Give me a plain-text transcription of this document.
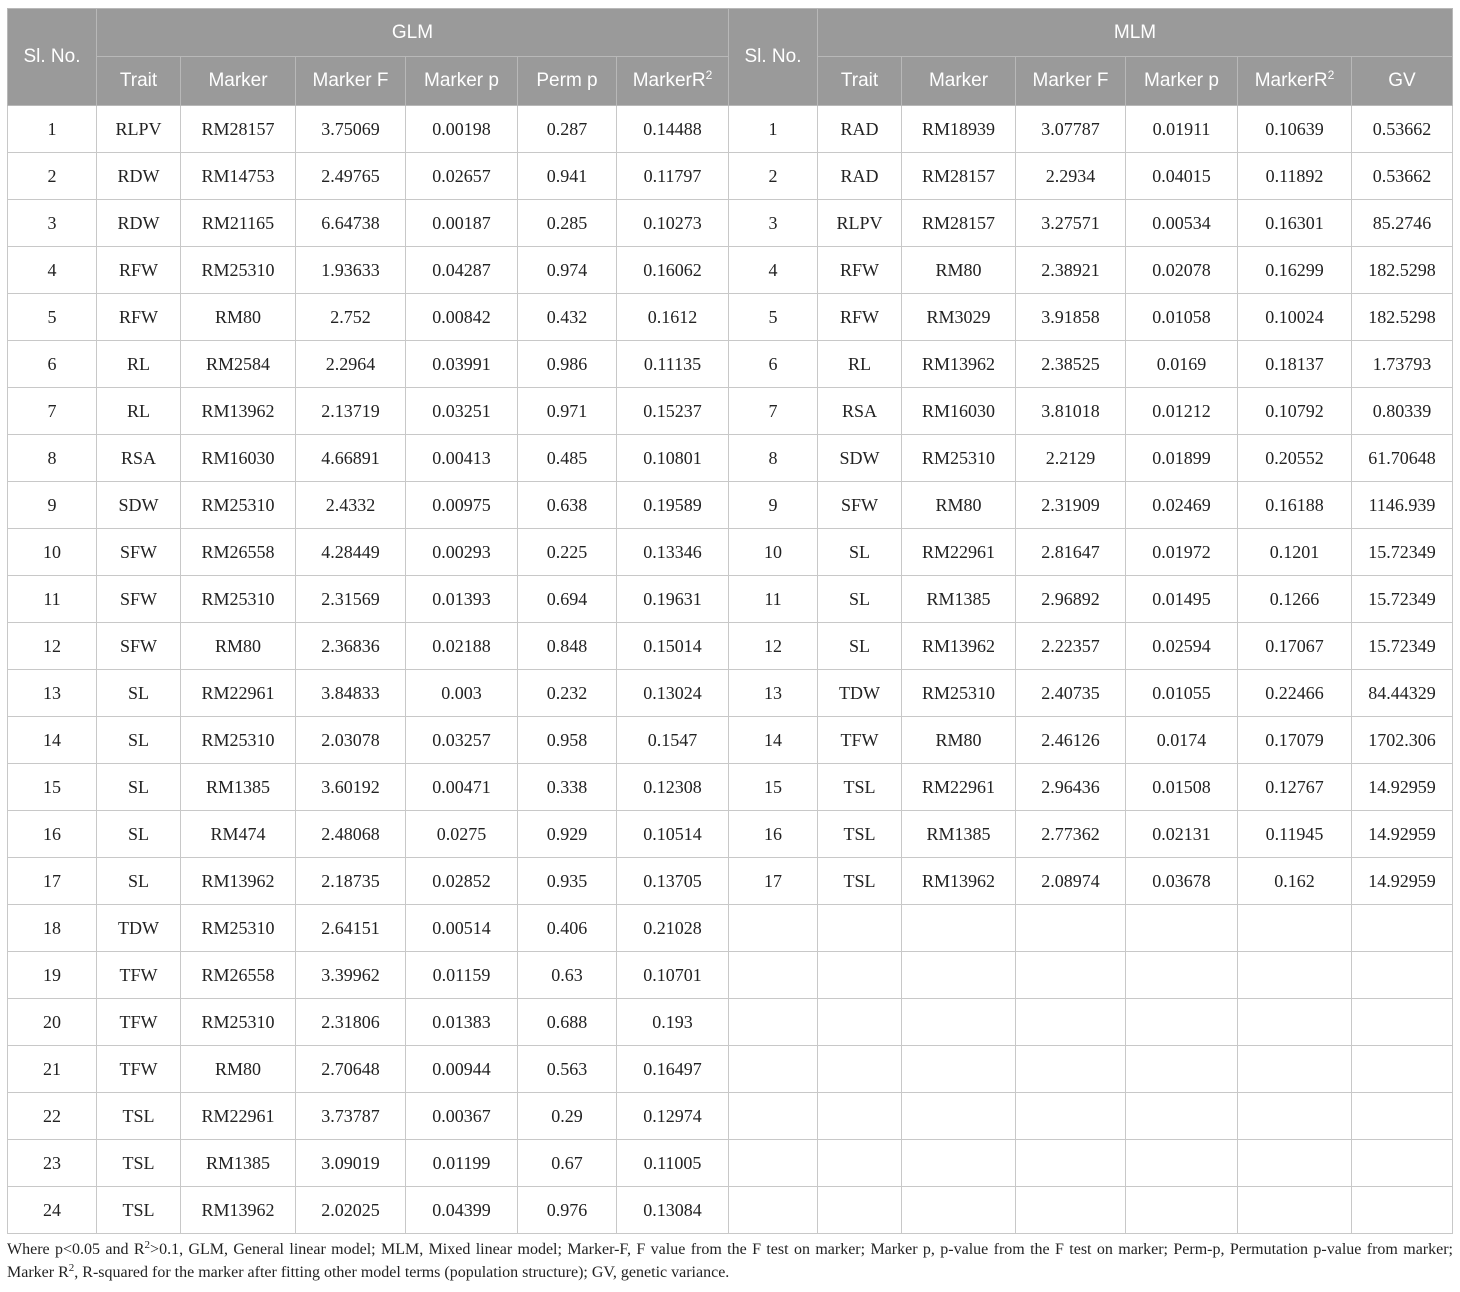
Sl. No.	GLM						Sl. No.	MLM					
	Trait	Marker	Marker F	Marker p	Perm p	MarkerR$^2$		Trait	Marker	Marker F	Marker p	MarkerR$^2$	GV
1	RLPV	RM28157	3.75069	0.00198	0.287	0.14488	1	RAD	RM18939	3.07787	0.01911	0.10639	0.53662
2	RDW	RM14753	2.49765	0.02657	0.941	0.11797	2	RAD	RM28157	2.2934	0.04015	0.11892	0.53662
3	RDW	RM21165	6.64738	0.00187	0.285	0.10273	3	RLPV	RM28157	3.27571	0.00534	0.16301	85.2746
4	RFW	RM25310	1.93633	0.04287	0.974	0.16062	4	RFW	RM80	2.38921	0.02078	0.16299	182.5298
5	RFW	RM80	2.752	0.00842	0.432	0.1612	5	RFW	RM3029	3.91858	0.01058	0.10024	182.5298
6	RL	RM2584	2.2964	0.03991	0.986	0.11135	6	RL	RM13962	2.38525	0.0169	0.18137	1.73793
7	RL	RM13962	2.13719	0.03251	0.971	0.15237	7	RSA	RM16030	3.81018	0.01212	0.10792	0.80339
8	RSA	RM16030	4.66891	0.00413	0.485	0.10801	8	SDW	RM25310	2.2129	0.01899	0.20552	61.70648
9	SDW	RM25310	2.4332	0.00975	0.638	0.19589	9	SFW	RM80	2.31909	0.02469	0.16188	1146.939
10	SFW	RM26558	4.28449	0.00293	0.225	0.13346	10	SL	RM22961	2.81647	0.01972	0.1201	15.72349
11	SFW	RM25310	2.31569	0.01393	0.694	0.19631	11	SL	RM1385	2.96892	0.01495	0.1266	15.72349
12	SFW	RM80	2.36836	0.02188	0.848	0.15014	12	SL	RM13962	2.22357	0.02594	0.17067	15.72349
13	SL	RM22961	3.84833	0.003	0.232	0.13024	13	TDW	RM25310	2.40735	0.01055	0.22466	84.44329
14	SL	RM25310	2.03078	0.03257	0.958	0.1547	14	TFW	RM80	2.46126	0.0174	0.17079	1702.306
15	SL	RM1385	3.60192	0.00471	0.338	0.12308	15	TSL	RM22961	2.96436	0.01508	0.12767	14.92959
16	SL	RM474	2.48068	0.0275	0.929	0.10514	16	TSL	RM1385	2.77362	0.02131	0.11945	14.92959
17	SL	RM13962	2.18735	0.02852	0.935	0.13705	17	TSL	RM13962	2.08974	0.03678	0.162	14.92959
18	TDW	RM25310	2.64151	0.00514	0.406	0.21028							
19	TFW	RM26558	3.39962	0.01159	0.63	0.10701							
20	TFW	RM25310	2.31806	0.01383	0.688	0.193							
21	TFW	RM80	2.70648	0.00944	0.563	0.16497							
22	TSL	RM22961	3.73787	0.00367	0.29	0.12974							
23	TSL	RM1385	3.09019	0.01199	0.67	0.11005							
24	TSL	RM13962	2.02025	0.04399	0.976	0.13084							
Where p<0.05 and $R^2>0.1$, GLM, General linear model; MLM, Mixed linear model; Marker-F, F value from the F test on marker; Marker p, p-value from the F test on marker; Perm-p, Permutation p-value from marker; Marker $R^2$, R-squared for the marker after fitting other model terms (population structure); GV, genetic variance.
